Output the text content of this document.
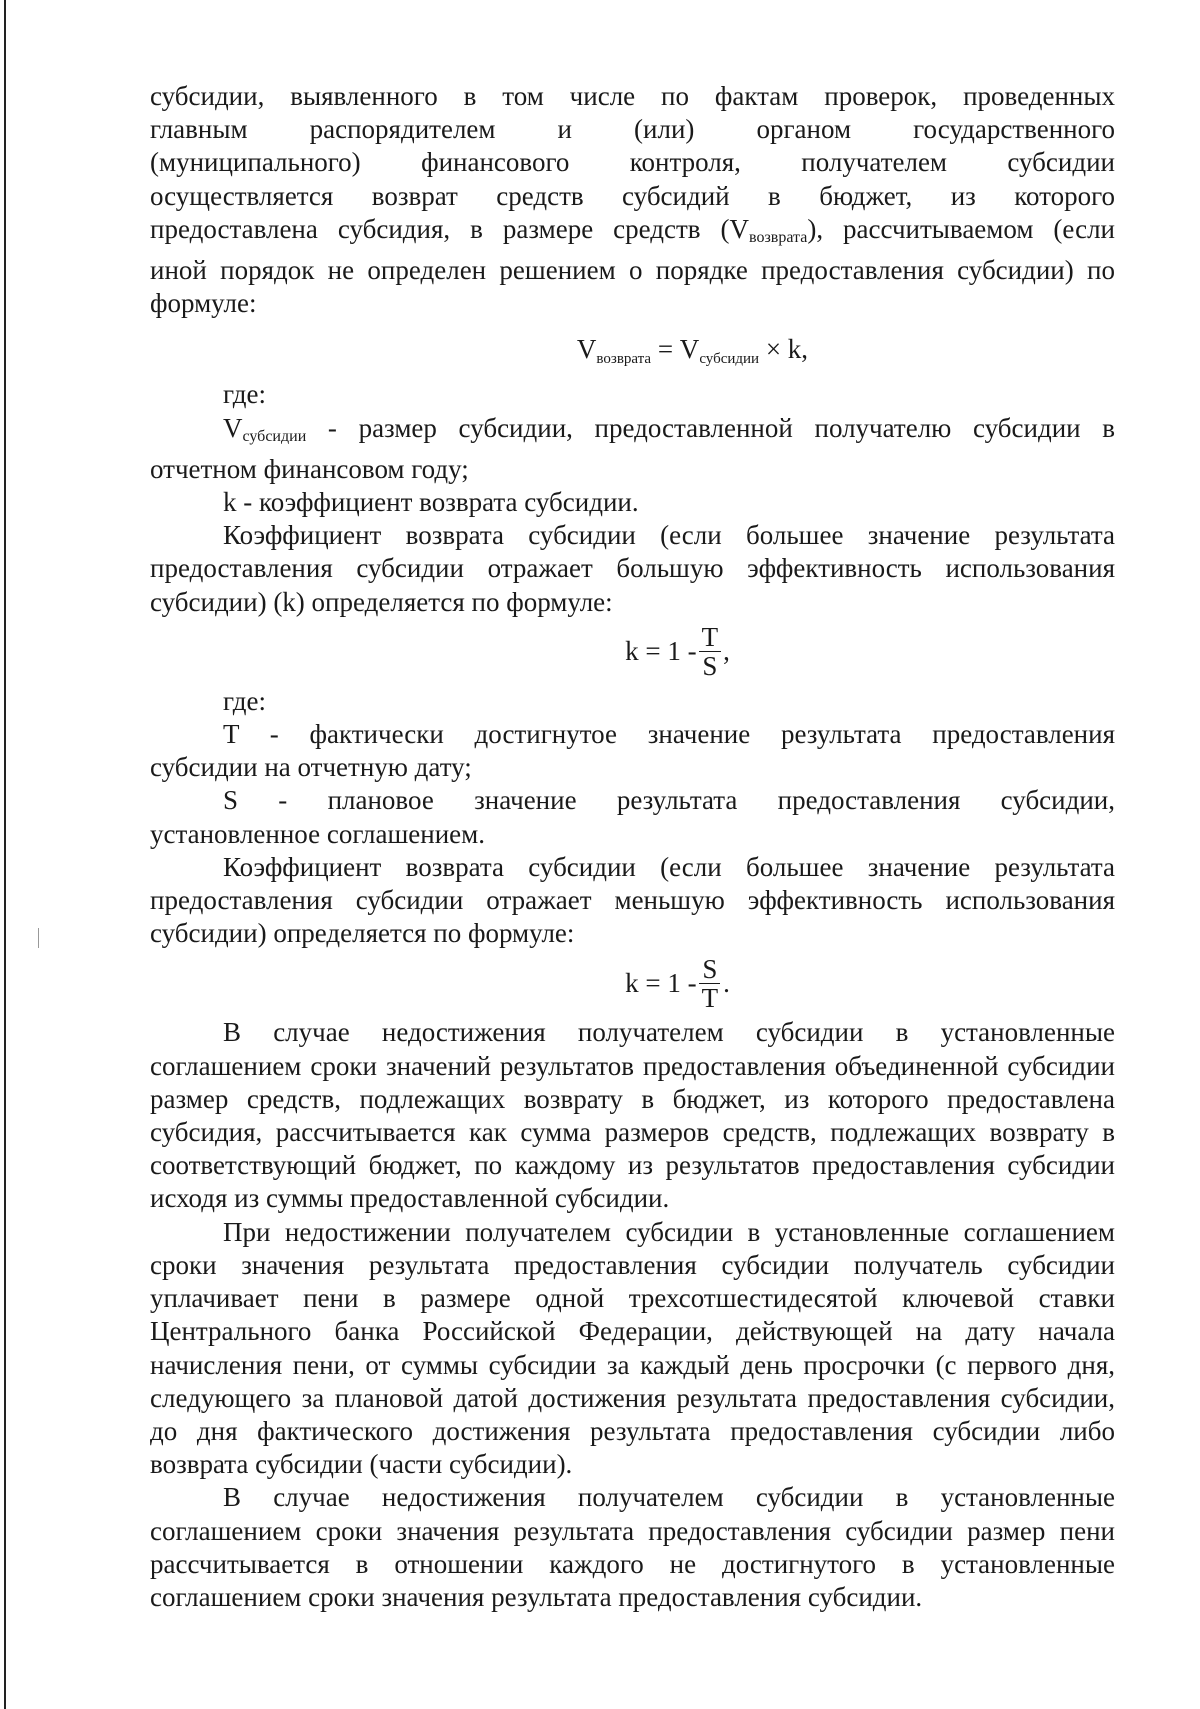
субсидии, выявленного в том числе по фактам проверок, проведенных

главным распорядителем и (или) органом государственного

(муниципального) финансового контроля, получателем субсидии

осуществляется возврат средств субсидий в бюджет, из которого

предоставлена субсидия, в размере средств $(V_{возврата})$, рассчитываемом (если

иной порядок не определен решением о порядке предоставления субсидии) по

формуле:

$V_{возврата} = V_{субсидии} \times k$,

где:

$V_{субсидии}$ - размер субсидии, предоставленной получателю субсидии в

отчетном финансовом году;

k - коэффициент возврата субсидии.

Коэффициент возврата субсидии (если большее значение результата предоставления субсидии отражает большую эффективность использования субсидии) (k) определяется по формуле:

$k = 1 - \frac{T}{S}$ ,

где:

T - фактически достигнутое значение результата предоставления

субсидии на отчетную дату;

S - плановое значение результата предоставления субсидии,

установленное соглашением.

Коэффициент возврата субсидии (если большее значение результата предоставления субсидии отражает меньшую эффективность использования субсидии) определяется по формуле:

$k = 1 - \frac{S}{T}$ .

В случае недостижения получателем субсидии в установленные соглашением сроки значений результатов предоставления объединенной субсидии размер средств, подлежащих возврату в бюджет, из которого предоставлена субсидия, рассчитывается как сумма размеров средств, подлежащих возврату в соответствующий бюджет, по каждому из результатов предоставления субсидии исходя из суммы предоставленной субсидии.

При недостижении получателем субсидии в установленные соглашением сроки значения результата предоставления субсидии получатель субсидии уплачивает пени в размере одной трехсотшестидесятой ключевой ставки Центрального банка Российской Федерации, действующей на дату начала начисления пени, от суммы субсидии за каждый день просрочки (с первого дня, следующего за плановой датой достижения результата предоставления субсидии, до дня фактического достижения результата предоставления субсидии либо возврата субсидии (части субсидии).

В случае недостижения получателем субсидии в установленные соглашением сроки значения результата предоставления субсидии размер пени рассчитывается в отношении каждого не достигнутого в установленные соглашением сроки значения результата предоставления субсидии.
